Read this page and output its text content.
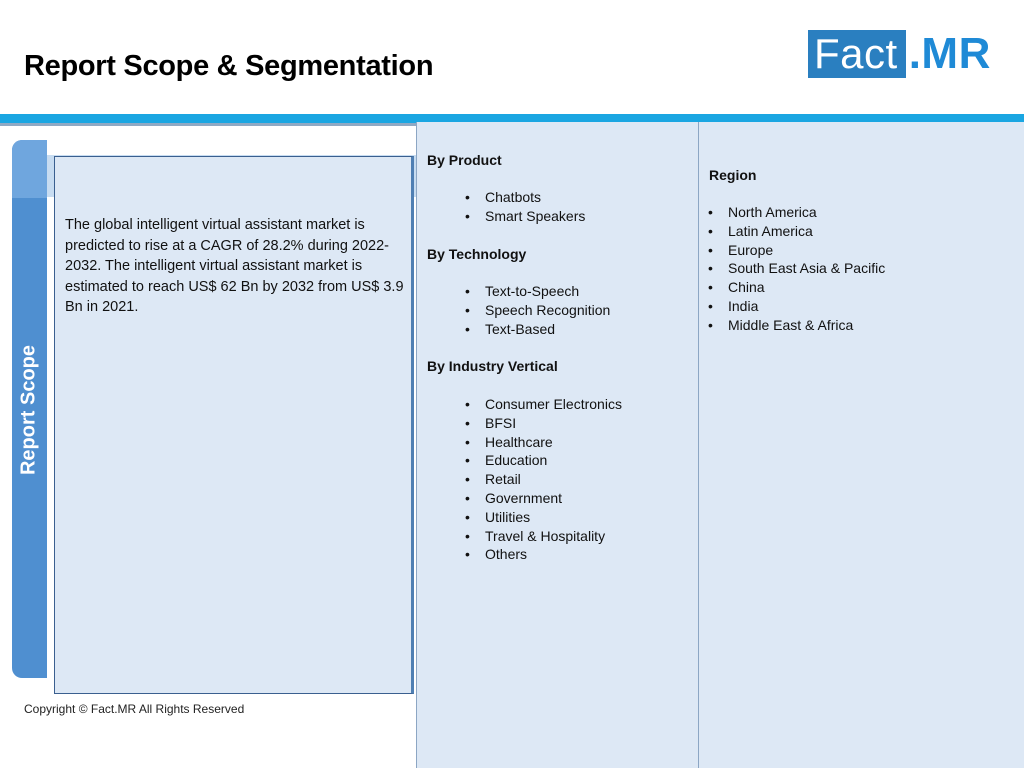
Report Scope & Segmentation	Fact .MR
Report Scope
The global intelligent virtual assistant market is predicted to rise at a CAGR of 28.2% during 2022-2032. The intelligent virtual assistant market is estimated to reach US$ 62 Bn by 2032 from US$ 3.9 Bn in 2021.
By Product
• Chatbots
• Smart Speakers
By Technology
• Text-to-Speech
• Speech Recognition
• Text-Based
By Industry Vertical
• Consumer Electronics
• BFSI
• Healthcare
• Education
• Retail
• Government
• Utilities
• Travel & Hospitality
• Others
Region
• North America
• Latin America
• Europe
• South East Asia & Pacific
• China
• India
• Middle East & Africa
Copyright © Fact.MR All Rights Reserved
